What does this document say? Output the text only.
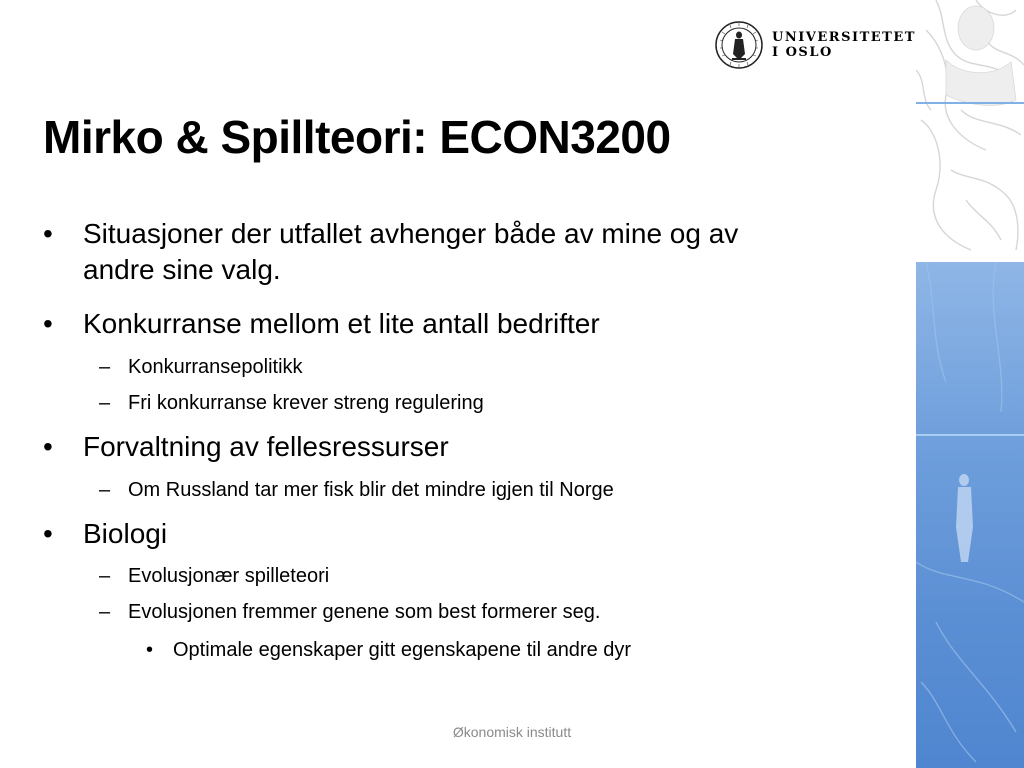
UNIVERSITETET
I OSLO
Mirko & Spillteori: ECON3200
• Situasjoner der utfallet avhenger både av mine og av
andre sine valg.
• Konkurranse mellom et lite antall bedrifter
– Konkurransepolitikk
– Fri konkurranse krever streng regulering
• Forvaltning av fellesressurser
– Om Russland tar mer fisk blir det mindre igjen til Norge
• Biologi
– Evolusjonær spilleteori
– Evolusjonen fremmer genene som best formerer seg.
• Optimale egenskaper gitt egenskapene til andre dyr
Økonomisk institutt
